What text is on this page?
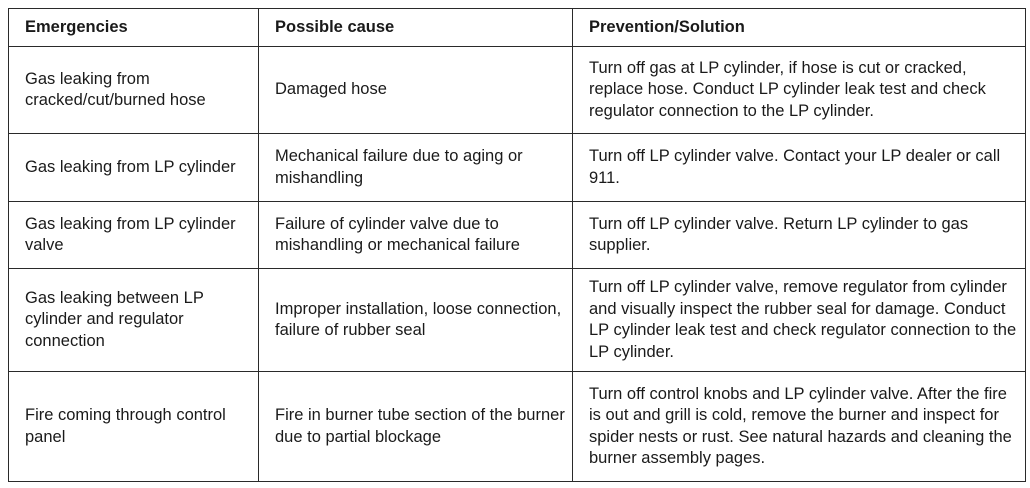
Emergencies	Possible cause	Prevention/Solution

Gas leaking from cracked/cut/burned hose	Damaged hose	Turn off gas at LP cylinder, if hose is cut or cracked, replace hose. Conduct LP cylinder leak test and check regulator connection to the LP cylinder.

Gas leaking from LP cylinder	Mechanical failure due to aging or mishandling	Turn off LP cylinder valve. Contact your LP dealer or call 911.

Gas leaking from LP cylinder valve	Failure of cylinder valve due to mishandling or mechanical failure	Turn off LP cylinder valve. Return LP cylinder to gas supplier.

Gas leaking between LP cylinder and regulator connection	Improper installation, loose connection, failure of rubber seal	Turn off LP cylinder valve, remove regulator from cylinder and visually inspect the rubber seal for damage. Conduct LP cylinder leak test and check regulator connection to the LP cylinder.

Fire coming through control panel	Fire in burner tube section of the burner due to partial blockage	Turn off control knobs and LP cylinder valve. After the fire is out and grill is cold, remove the burner and inspect for spider nests or rust. See natural hazards and cleaning the burner assembly pages.
